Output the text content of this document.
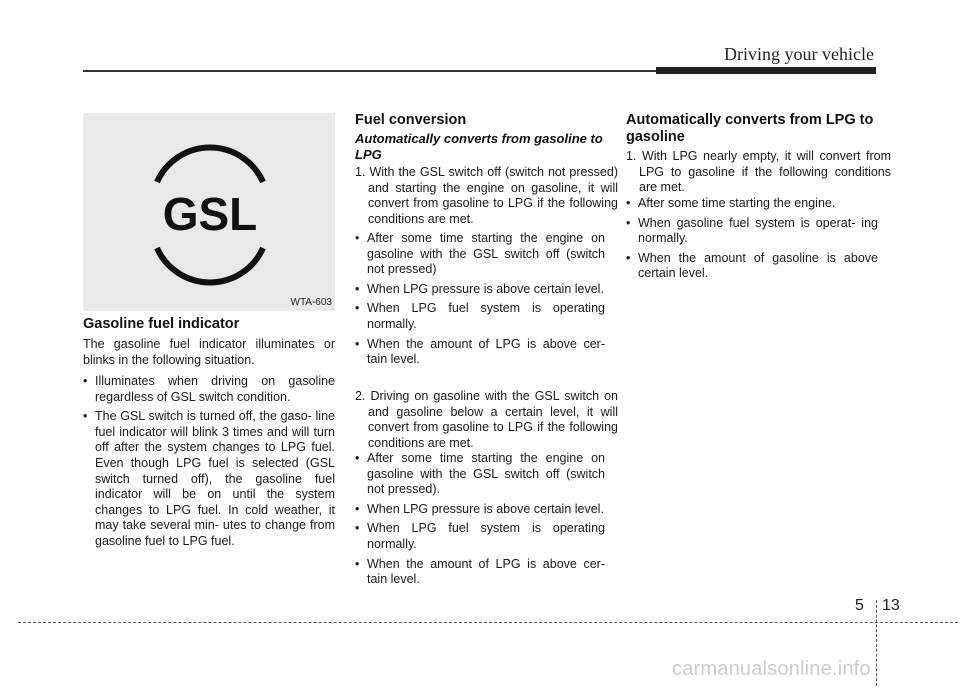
Driving your vehicle
GSL
WTA-603
Gasoline fuel indicator

The gasoline fuel indicator illuminates or blinks in the following situation.

• Illuminates when driving on gasoline regardless of GSL switch condition.
• The GSL switch is turned off, the gaso- line fuel indicator will blink 3 times and will turn off after the system changes to LPG fuel. Even though LPG fuel is selected (GSL switch turned off), the gasoline fuel indicator will be on until the system changes to LPG fuel. In cold weather, it may take several min- utes to change from gasoline fuel to LPG fuel.
Fuel conversion
Automatically converts from gasoline to LPG

1. With the GSL switch off (switch not pressed) and starting the engine on gasoline, it will convert from gasoline to LPG if the following conditions are met.

• After some time starting the engine on gasoline with the GSL switch off (switch not pressed)
• When LPG pressure is above certain level.
• When LPG fuel system is operating normally.
• When the amount of LPG is above cer- tain level.

2. Driving on gasoline with the GSL switch on and gasoline below a certain level, it will convert from gasoline to LPG if the following conditions are met.

• After some time starting the engine on gasoline with the GSL switch off (switch not pressed).
• When LPG pressure is above certain level.
• When LPG fuel system is operating normally.
• When the amount of LPG is above cer- tain level.
Automatically converts from LPG to gasoline

1. With LPG nearly empty, it will convert from LPG to gasoline if the following conditions are met.

• After some time starting the engine.
• When gasoline fuel system is operat- ing normally.
• When the amount of gasoline is above certain level.
5 13
carmanualsonline.info
